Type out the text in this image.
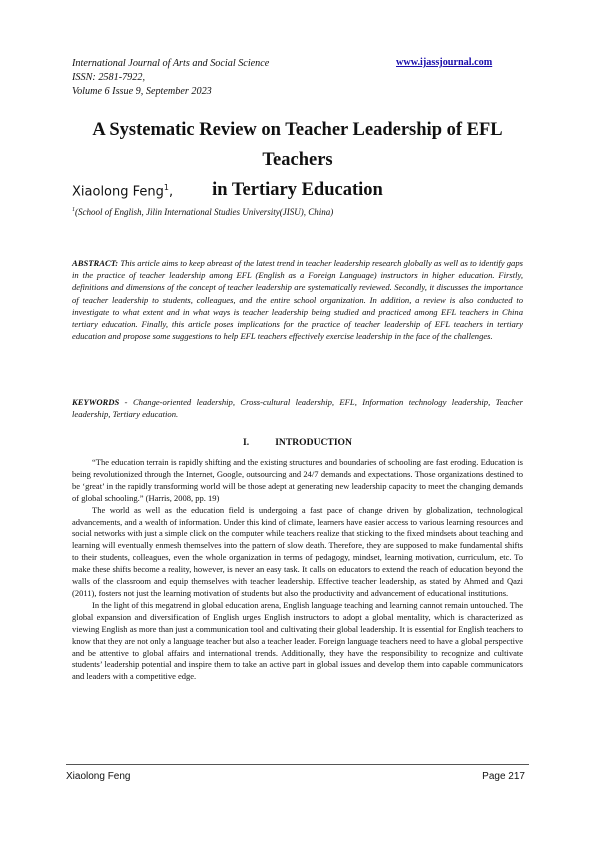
International Journal of Arts and Social Science
ISSN: 2581-7922,
Volume 6 Issue 9, September 2023
www.ijassjournal.com
A Systematic Review on Teacher Leadership of EFL Teachers
in Tertiary Education
Xiaolong Feng$^1$,
$^1$(School of English, Jilin International Studies University(JISU), China)
ABSTRACT: This article aims to keep abreast of the latest trend in teacher leadership research globally as well as to identify gaps in the practice of teacher leadership among EFL (English as a Foreign Language) instructors in higher education. Firstly, definitions and dimensions of the concept of teacher leadership are systematically reviewed. Secondly, it discusses the importance of teacher leadership to students, colleagues, and the entire school organization. In addition, a review is also conducted to investigate to what extent and in what ways is teacher leadership being studied and practiced among EFL teachers in China tertiary education. Finally, this article poses implications for the practice of teacher leadership of EFL teachers in tertiary education and propose some suggestions to help EFL teachers effectively exercise leadership in the face of the challenges.
KEYWORDS - Change-oriented leadership, Cross-cultural leadership, EFL, Information technology leadership, Teacher leadership, Tertiary education.
I.	INTRODUCTION

“The education terrain is rapidly shifting and the existing structures and boundaries of schooling are fast eroding. Education is being revolutionized through the Internet, Google, outsourcing and 24/7 demands and expectations. Those organizations destined to be ‘great’ in the rapidly transforming world will be those adept at generating new leadership capacity to meet the changing demands of global schooling.” (Harris, 2008, pp. 19)

The world as well as the education field is undergoing a fast pace of change driven by globalization, technological advancements, and a wealth of information. Under this kind of climate, learners have easier access to various learning resources and social networks with just a simple click on the computer while teachers realize that sticking to the fixed mindsets about teaching and learning will eventually enmesh themselves into the pattern of slow death. Therefore, they are supposed to make fundamental shifts to their students, colleagues, even the whole organization in terms of pedagogy, mindset, learning motivation, curriculum, etc. To make these shifts become a reality, however, is never an easy task. It calls on educators to extend the reach of education beyond the walls of the classroom and equip themselves with teacher leadership. Effective teacher leadership, as stated by Ahmed and Qazi (2011), fosters not just the learning motivation of students but also the productivity and advancement of educational institutions.

In the light of this megatrend in global education arena, English language teaching and learning cannot remain untouched. The global expansion and diversification of English urges English instructors to adopt a global mentality, which is characterized as viewing English as more than just a communication tool and cultivating their global leadership. It is essential for English teachers to know that they are not only a language teacher but also a teacher leader. Foreign language teachers need to have a global perspective and be attentive to global affairs and international trends. Additionally, they have the responsibility to recognize and cultivate students’ leadership potential and inspire them to take an active part in global issues and develop them into capable communicators and leaders with a competitive edge.

Xiaolong Feng	Page 217
